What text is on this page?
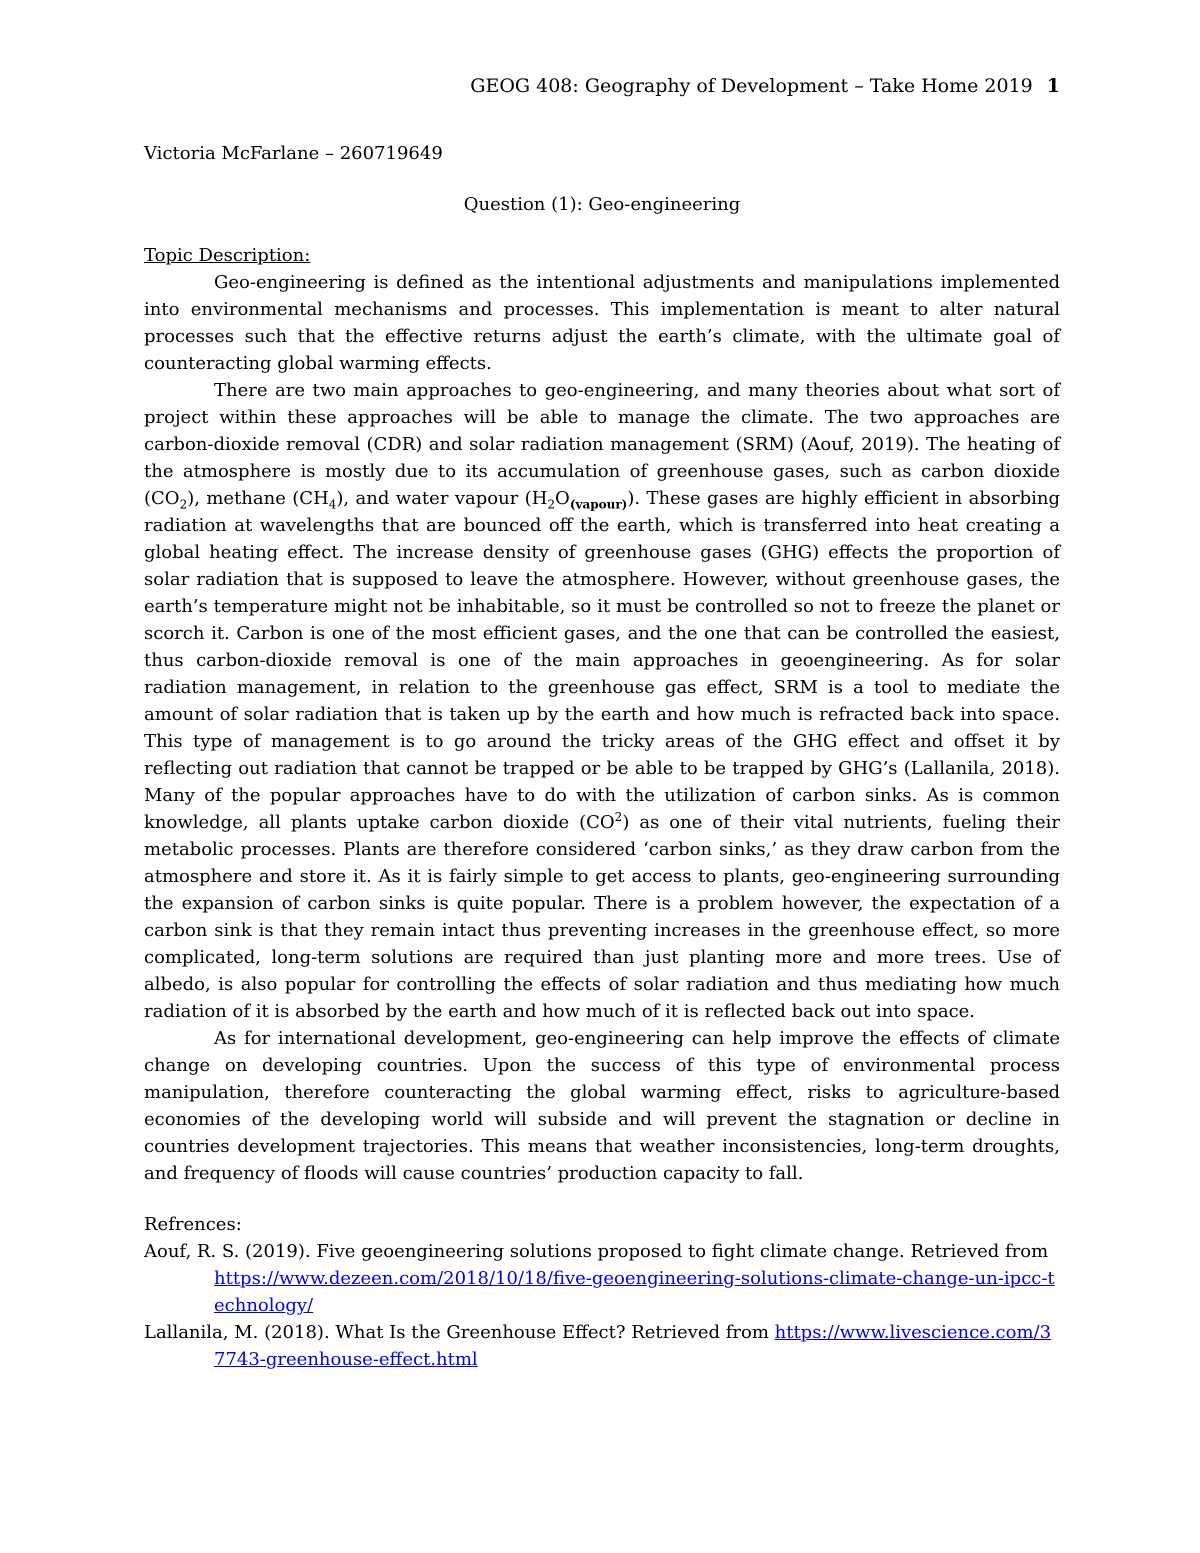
GEOG 408: Geography of Development – Take Home 2019 1

Victoria McFarlane – 260719649

Question (1): Geo-engineering

Topic Description:

Geo-engineering is defined as the intentional adjustments and manipulations implemented into environmental mechanisms and processes. This implementation is meant to alter natural processes such that the effective returns adjust the earth’s climate, with the ultimate goal of counteracting global warming effects.

There are two main approaches to geo-engineering, and many theories about what sort of project within these approaches will be able to manage the climate. The two approaches are carbon-dioxide removal (CDR) and solar radiation management (SRM) (Aouf, 2019). The heating of the atmosphere is mostly due to its accumulation of greenhouse gases, such as carbon dioxide $(CO_2)$, methane $(CH_4)$, and water vapour $(H_2O_{(vapour)})$. These gases are highly efficient in absorbing radiation at wavelengths that are bounced off the earth, which is transferred into heat creating a global heating effect. The increase density of greenhouse gases (GHG) effects the proportion of solar radiation that is supposed to leave the atmosphere. However, without greenhouse gases, the earth’s temperature might not be inhabitable, so it must be controlled so not to freeze the planet or scorch it. Carbon is one of the most efficient gases, and the one that can be controlled the easiest, thus carbon-dioxide removal is one of the main approaches in geoengineering. As for solar radiation management, in relation to the greenhouse gas effect, SRM is a tool to mediate the amount of solar radiation that is taken up by the earth and how much is refracted back into space. This type of management is to go around the tricky areas of the GHG effect and offset it by reflecting out radiation that cannot be trapped or be able to be trapped by GHG’s (Lallanila, 2018). Many of the popular approaches have to do with the utilization of carbon sinks. As is common knowledge, all plants uptake carbon dioxide $(CO^2)$ as one of their vital nutrients, fueling their metabolic processes. Plants are therefore considered ‘carbon sinks,’ as they draw carbon from the atmosphere and store it. As it is fairly simple to get access to plants, geo-engineering surrounding the expansion of carbon sinks is quite popular. There is a problem however, the expectation of a carbon sink is that they remain intact thus preventing increases in the greenhouse effect, so more complicated, long-term solutions are required than just planting more and more trees. Use of albedo, is also popular for controlling the effects of solar radiation and thus mediating how much radiation of it is absorbed by the earth and how much of it is reflected back out into space.

As for international development, geo-engineering can help improve the effects of climate change on developing countries. Upon the success of this type of environmental process manipulation, therefore counteracting the global warming effect, risks to agriculture-based economies of the developing world will subside and will prevent the stagnation or decline in countries development trajectories. This means that weather inconsistencies, long-term droughts, and frequency of floods will cause countries’ production capacity to fall.

Refrences:

Aouf, R. S. (2019). Five geoengineering solutions proposed to fight climate change. Retrieved from https://www.dezeen.com/2018/10/18/five-geoengineering-solutions-climate-change-un-ipcc-technology/

Lallanila, M. (2018). What Is the Greenhouse Effect? Retrieved from https://www.livescience.com/37743-greenhouse-effect.html
